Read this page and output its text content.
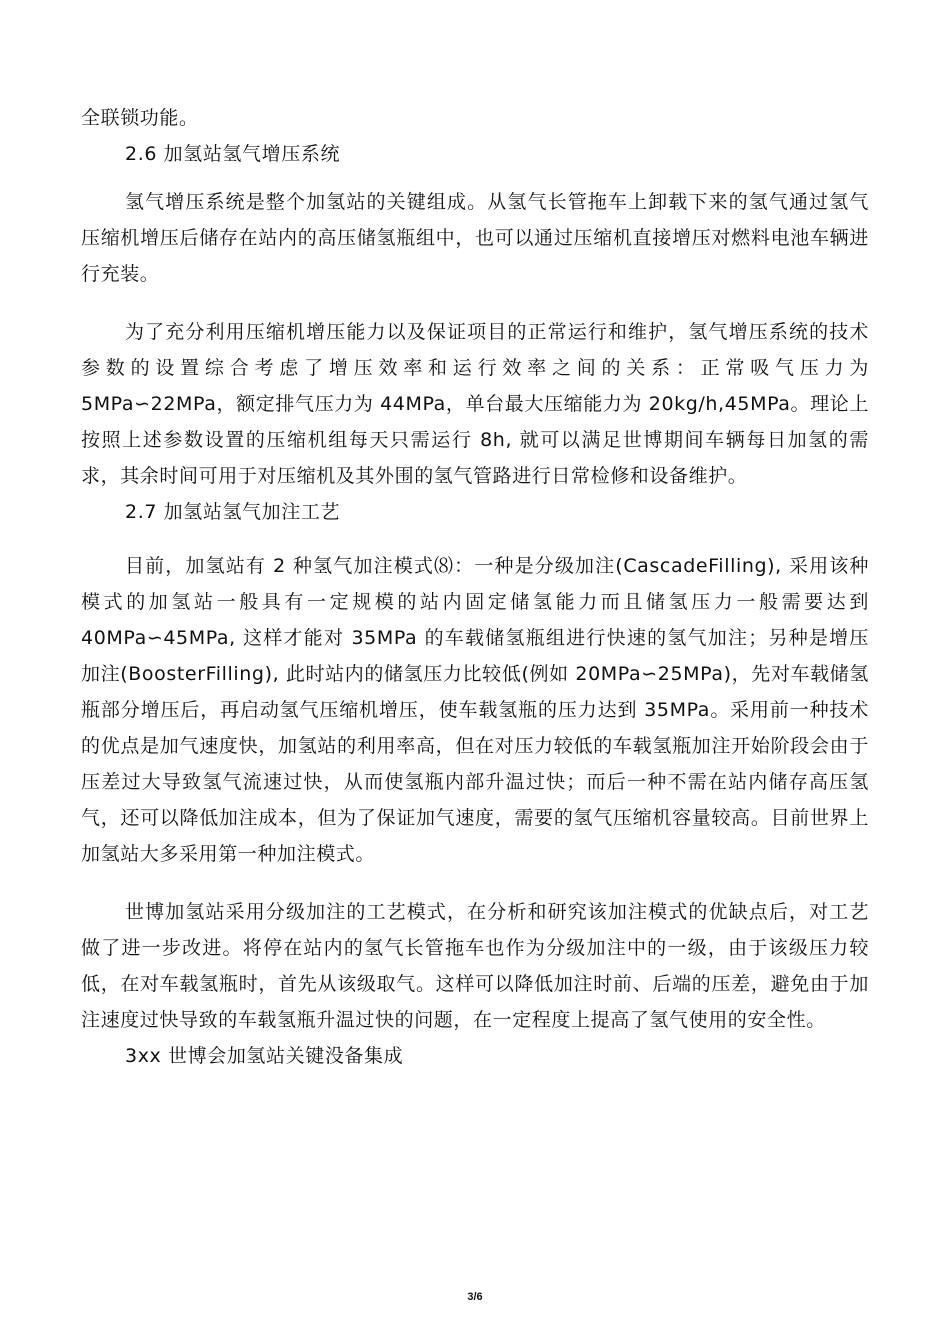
全联锁功能。

2.6 加氢站氢气增压系统

氢气增压系统是整个加氢站的关键组成。从氢气长管拖车上卸载下来的氢气通过氢气压缩机增压后储存在站内的高压储氢瓶组中，也可以通过压缩机直接增压对燃料电池车辆进行充装。

为了充分利用压缩机增压能力以及保证项目的正常运行和维护，氢气增压系统的技术参数的设置综合考虑了增压效率和运行效率之间的关系：正常吸气压力为 5MPa∽22MPa，额定排气压力为 44MPa，单台最大压缩能力为 20kg/h,45MPa。理论上按照上述参数设置的压缩机组每天只需运行 8h, 就可以满足世博期间车辆每日加氢的需求，其余时间可用于对压缩机及其外围的氢气管路进行日常检修和设备维护。

2.7 加氢站氢气加注工艺

目前，加氢站有 2 种氢气加注模式⑻：一种是分级加注(CascadeFilling), 采用该种模式的加氢站一般具有一定规模的站内固定储氢能力而且储氢压力一般需要达到 40MPa∽45MPa, 这样才能对 35MPa 的车载储氢瓶组进行快速的氢气加注；另种是增压加注(BoosterFilling), 此时站内的储氢压力比较低(例如 20MPa∽25MPa)，先对车载储氢瓶部分增压后，再启动氢气压缩机增压，使车载氢瓶的压力达到 35MPa。采用前一种技术的优点是加气速度快，加氢站的利用率高，但在对压力较低的车载氢瓶加注开始阶段会由于压差过大导致氢气流速过快，从而使氢瓶内部升温过快；而后一种不需在站内储存高压氢气，还可以降低加注成本，但为了保证加气速度，需要的氢气压缩机容量较高。目前世界上加氢站大多采用第一种加注模式。

世博加氢站采用分级加注的工艺模式，在分析和研究该加注模式的优缺点后，对工艺做了进一步改进。将停在站内的氢气长管拖车也作为分级加注中的一级，由于该级压力较低，在对车载氢瓶时，首先从该级取气。这样可以降低加注时前、后端的压差，避免由于加注速度过快导致的车载氢瓶升温过快的问题，在一定程度上提高了氢气使用的安全性。

3xx 世博会加氢站关键没备集成

3/6
